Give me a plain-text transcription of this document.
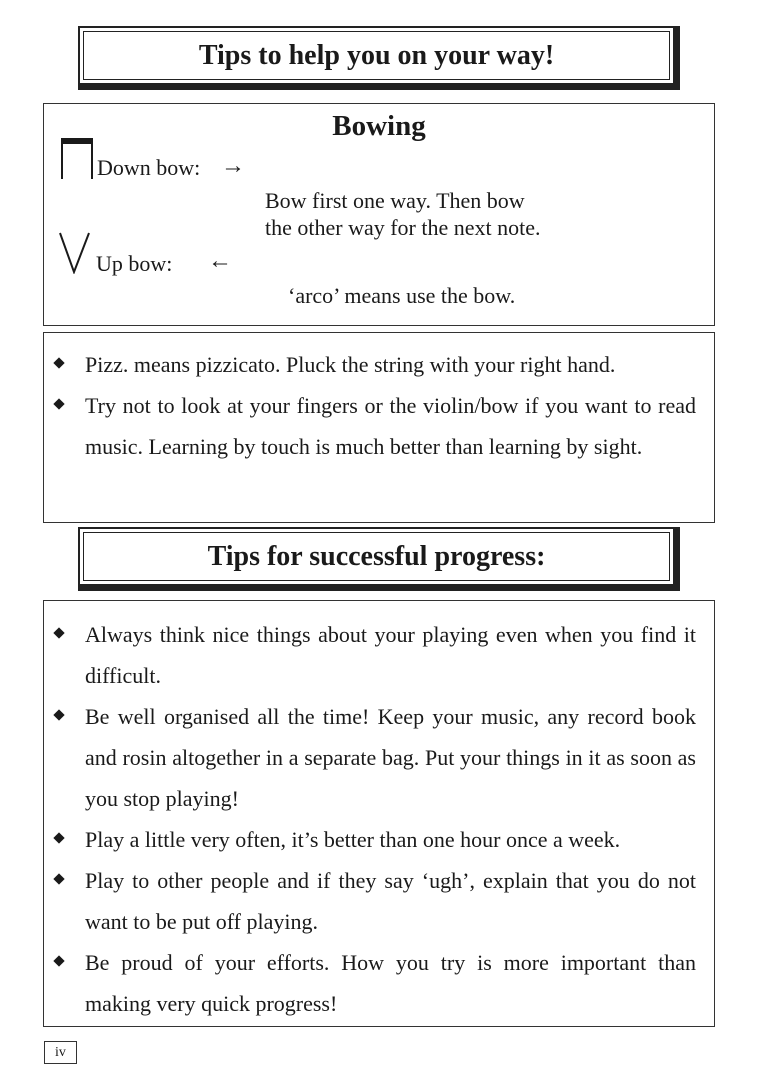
Tips to help you on your way!
Bowing
Down bow: →
Bow first one way. Then bow
the other way for the next note.
Up bow: ←
‘arco’ means use the bow.
Pizz. means pizzicato. Pluck the string with your right hand.
Try not to look at your fingers or the violin/bow if you want to read music. Learning by touch is much better than learning by sight.
Tips for successful progress:
Always think nice things about your playing even when you find it difficult.
Be well organised all the time! Keep your music, any record book and rosin altogether in a separate bag. Put your things in it as soon as you stop playing!
Play a little very often, it’s better than one hour once a week.
Play to other people and if they say ‘ugh’, explain that you do not want to be put off playing.
Be proud of your efforts. How you try is more important than making very quick progress!
iv
